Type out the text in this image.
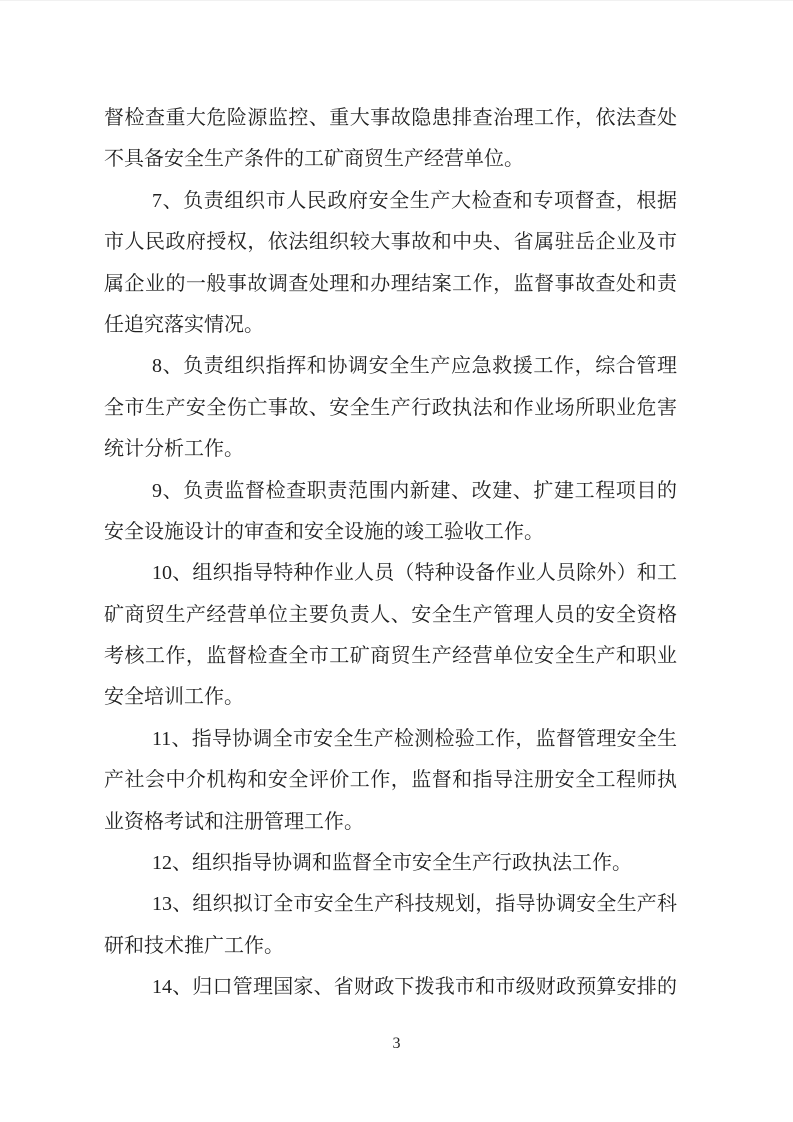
督检查重大危险源监控、重大事故隐患排查治理工作，依法查处
不具备安全生产条件的工矿商贸生产经营单位。
7、负责组织市人民政府安全生产大检查和专项督查，根据
市人民政府授权，依法组织较大事故和中央、省属驻岳企业及市
属企业的一般事故调查处理和办理结案工作，监督事故查处和责
任追究落实情况。
8、负责组织指挥和协调安全生产应急救援工作，综合管理
全市生产安全伤亡事故、安全生产行政执法和作业场所职业危害
统计分析工作。
9、负责监督检查职责范围内新建、改建、扩建工程项目的
安全设施设计的审查和安全设施的竣工验收工作。
10、组织指导特种作业人员（特种设备作业人员除外）和工
矿商贸生产经营单位主要负责人、安全生产管理人员的安全资格
考核工作，监督检查全市工矿商贸生产经营单位安全生产和职业
安全培训工作。
11、指导协调全市安全生产检测检验工作，监督管理安全生
产社会中介机构和安全评价工作，监督和指导注册安全工程师执
业资格考试和注册管理工作。
12、组织指导协调和监督全市安全生产行政执法工作。
13、组织拟订全市安全生产科技规划，指导协调安全生产科
研和技术推广工作。
14、归口管理国家、省财政下拨我市和市级财政预算安排的
3
